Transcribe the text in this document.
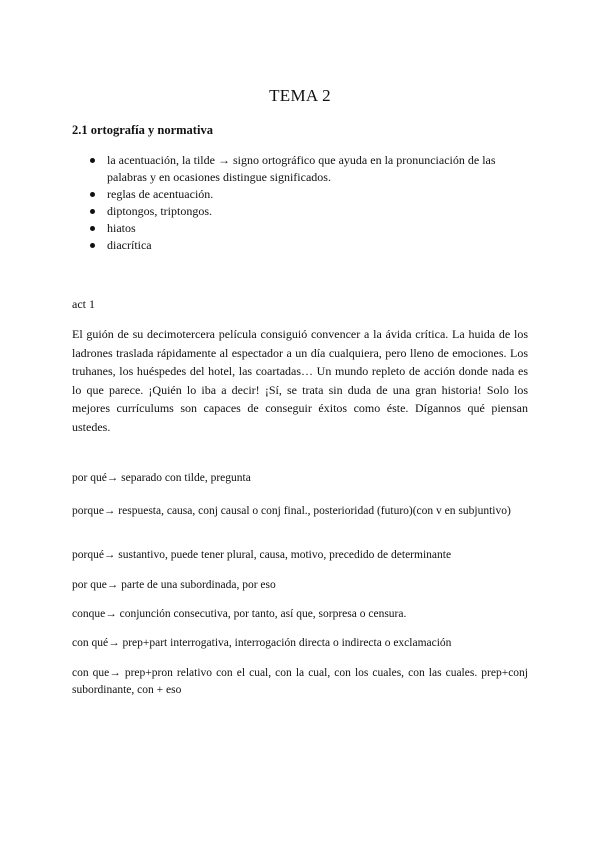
TEMA 2
2.1 ortografía y normativa
la acentuación, la tilde → signo ortográfico que ayuda en la pronunciación de las palabras y en ocasiones distingue significados.
reglas de acentuación.
diptongos, triptongos.
hiatos
diacrítica
act 1

El guión de su decimotercera película consiguió convencer a la ávida crítica. La huida de los ladrones traslada rápidamente al espectador a un día cualquiera, pero lleno de emociones. Los truhanes, los huéspedes del hotel, las coartadas… Un mundo repleto de acción donde nada es lo que parece. ¡Quién lo iba a decir! ¡Sí, se trata sin duda de una gran historia! Solo los mejores currículums son capaces de conseguir éxitos como éste. Dígannos qué piensan ustedes.

por qué→ separado con tilde, pregunta
porque→ respuesta, causa, conj causal o conj final., posterioridad (futuro)(con v en subjuntivo)
porqué→ sustantivo, puede tener plural, causa, motivo, precedido de determinante
por que→ parte de una subordinada, por eso
conque→ conjunción consecutiva, por tanto, así que, sorpresa o censura.
con qué→ prep+part interrogativa, interrogación directa o indirecta o exclamación
con que→ prep+pron relativo con el cual, con la cual, con los cuales, con las cuales. prep+conj subordinante, con + eso
